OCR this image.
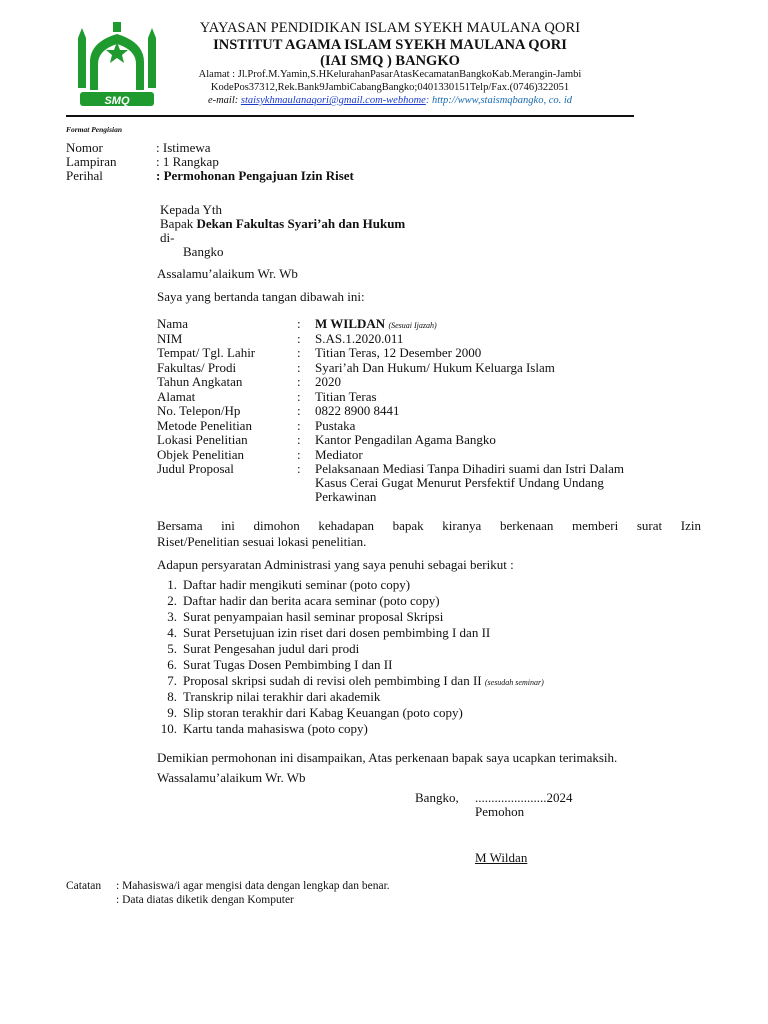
SMQ
YAYASAN PENDIDIKAN ISLAM SYEKH MAULANA QORI
INSTITUT AGAMA ISLAM SYEKH MAULANA QORI
(IAI SMQ ) BANGKO
Alamat : Jl.Prof.M.Yamin,S.HKelurahanPasarAtasKecamatanBangkoKab.Merangin-Jambi
KodePos37312,Rek.Bank9JambiCabangBangko;0401330151Telp/Fax.(0746)322051
e-mail: staisykhmaulanaqori@gmail.com-webhome: http://www,staismqbangko, co. id
Format Pengisian
Nomor	: Istimewa
Lampiran	: 1 Rangkap
Perihal	: Permohonan Pengajuan Izin Riset
Kepada Yth
Bapak Dekan Fakultas Syari’ah dan Hukum
di-
Bangko
Assalamu’alaikum Wr. Wb
Saya yang bertanda tangan dibawah ini:
Nama	: M WILDAN (Sesuai Ijazah)
NIM	: S.AS.1.2020.011
Tempat/ Tgl. Lahir	: Titian Teras, 12 Desember 2000
Fakultas/ Prodi	: Syari’ah Dan Hukum/ Hukum Keluarga Islam
Tahun Angkatan	: 2020
Alamat	: Titian Teras
No. Telepon/Hp	: 0822 8900 8441
Metode Penelitian	: Pustaka
Lokasi Penelitian	: Kantor Pengadilan Agama Bangko
Objek Penelitian	: Mediator
Judul Proposal	: Pelaksanaan Mediasi Tanpa Dihadiri suami dan Istri Dalam
Kasus Cerai Gugat Menurut Persfektif Undang Undang
Perkawinan
Bersama ini dimohon kehadapan bapak kiranya berkenaan memberi surat Izin
Riset/Penelitian sesuai lokasi penelitian.
Adapun persyaratan Administrasi yang saya penuhi sebagai berikut :
1. Daftar hadir mengikuti seminar (poto copy)
2. Daftar hadir dan berita acara seminar (poto copy)
3. Surat penyampaian hasil seminar proposal Skripsi
4. Surat Persetujuan izin riset dari dosen pembimbing I dan II
5. Surat Pengesahan judul dari prodi
6. Surat Tugas Dosen Pembimbing I dan II
7. Proposal skripsi sudah di revisi oleh pembimbing I dan II (sesudah seminar)
8. Transkrip nilai terakhir dari akademik
9. Slip storan terakhir dari Kabag Keuangan (poto copy)
10. Kartu tanda mahasiswa (poto copy)
Demikian permohonan ini disampaikan, Atas perkenaan bapak saya ucapkan terimaksih.
Wassalamu’alaikum Wr. Wb
Bangko, ......................2024
Pemohon
M Wildan
Catatan : Mahasiswa/i agar mengisi data dengan lengkap dan benar.
: Data diatas diketik dengan Komputer
